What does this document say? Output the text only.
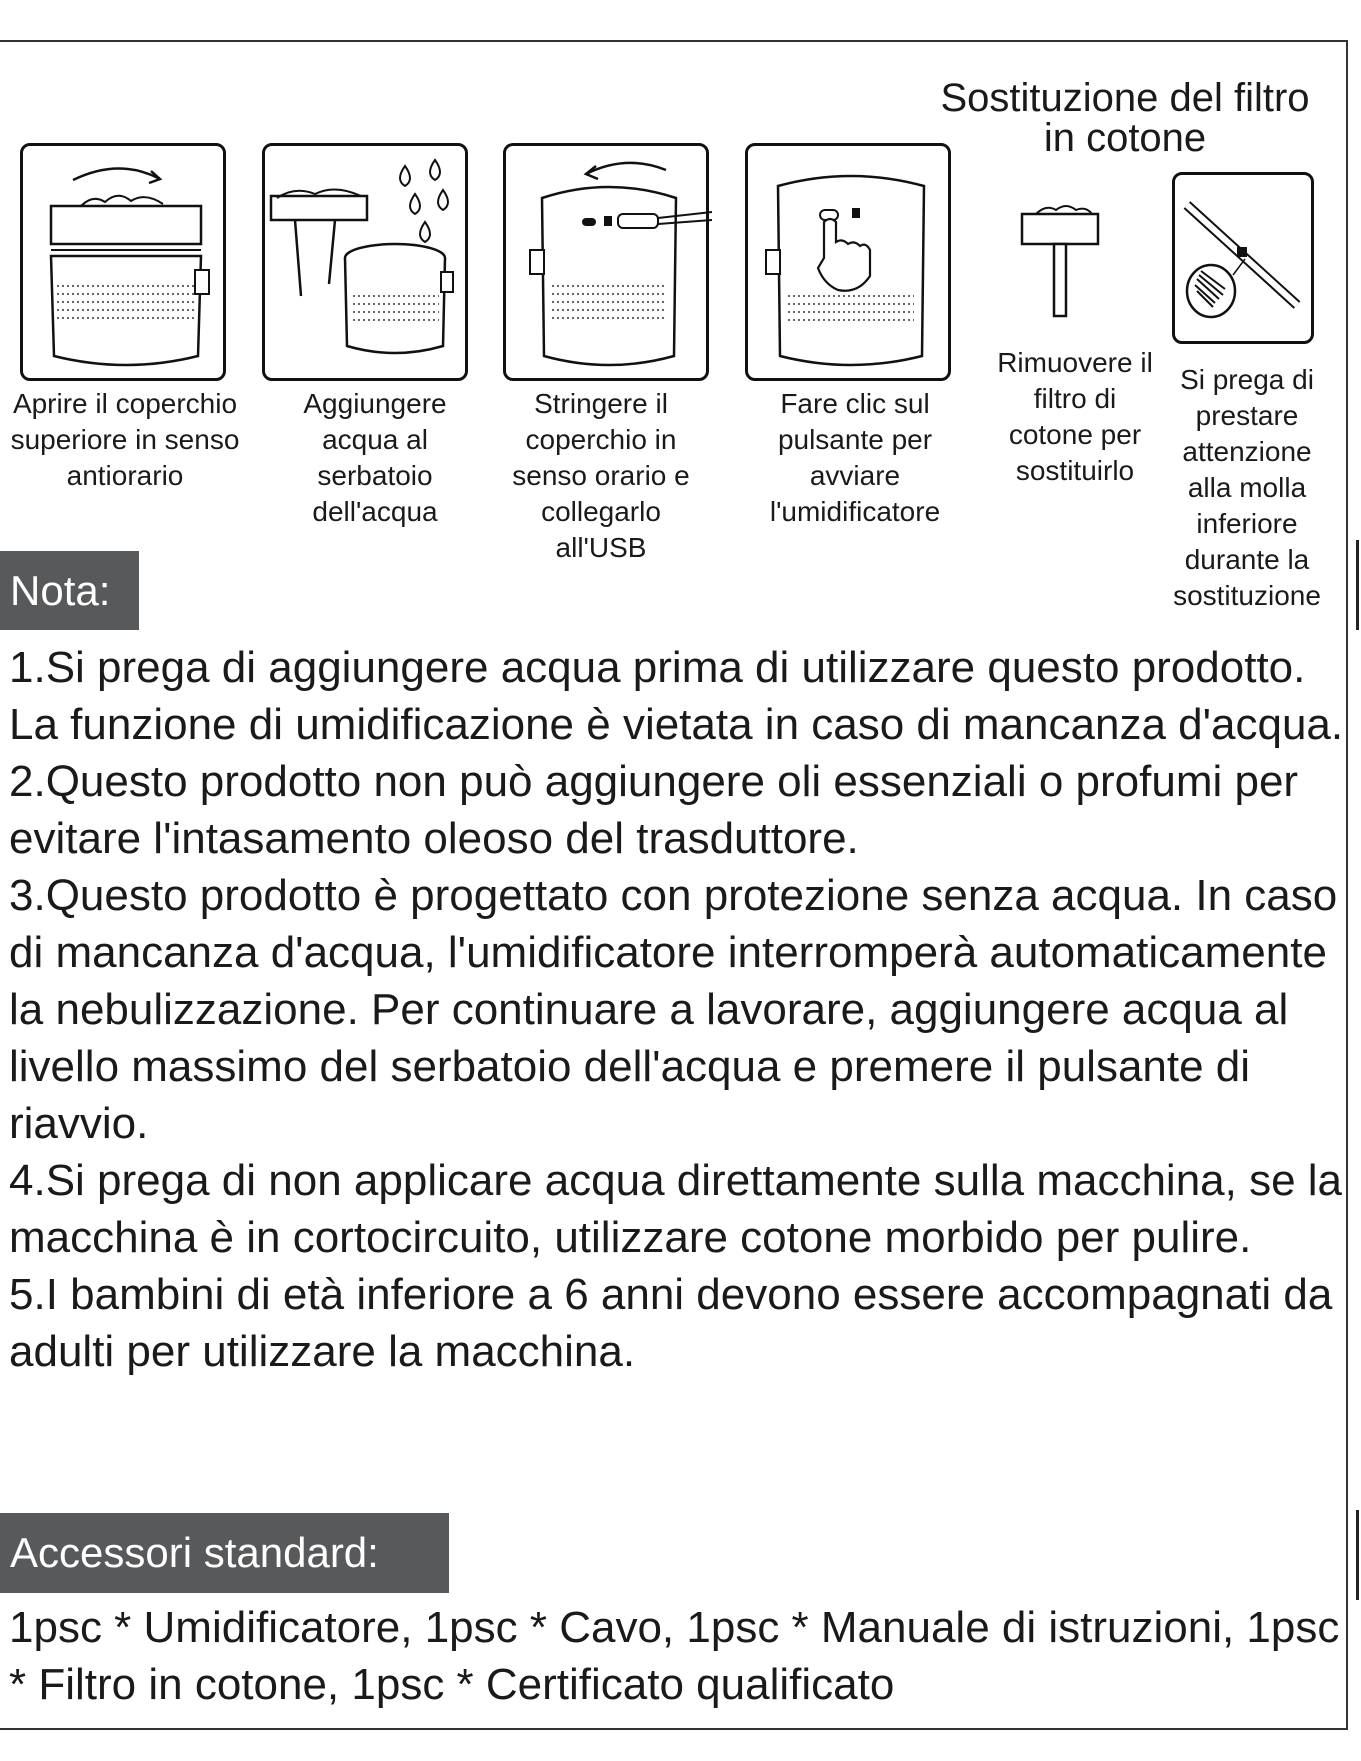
Sostituzione del filtro in cotone
Aprire il coperchio superiore in senso antiorario
Aggiungere acqua al serbatoio dell'acqua
Stringere il coperchio in senso orario e collegarlo all'USB
Fare clic sul pulsante per avviare l'umidificatore
Rimuovere il filtro di cotone per sostituirlo
Si prega di prestare attenzione alla molla inferiore durante la sostituzione
Nota:

1.Si prega di aggiungere acqua prima di utilizzare questo prodotto. La funzione di umidificazione è vietata in caso di mancanza d'acqua.

2.Questo prodotto non può aggiungere oli essenziali o profumi per evitare l'intasamento oleoso del trasduttore.

3.Questo prodotto è progettato con protezione senza acqua. In caso di mancanza d'acqua, l'umidificatore interromperà automaticamente la nebulizzazione. Per continuare a lavorare, aggiungere acqua al livello massimo del serbatoio dell'acqua e premere il pulsante di riavvio.

4.Si prega di non applicare acqua direttamente sulla macchina, se la macchina è in cortocircuito, utilizzare cotone morbido per pulire.

5.I bambini di età inferiore a 6 anni devono essere accompagnati da adulti per utilizzare la macchina.

Accessori standard:

1psc * Umidificatore, 1psc * Cavo, 1psc * Manuale di istruzioni, 1psc * Filtro in cotone, 1psc * Certificato qualificato
